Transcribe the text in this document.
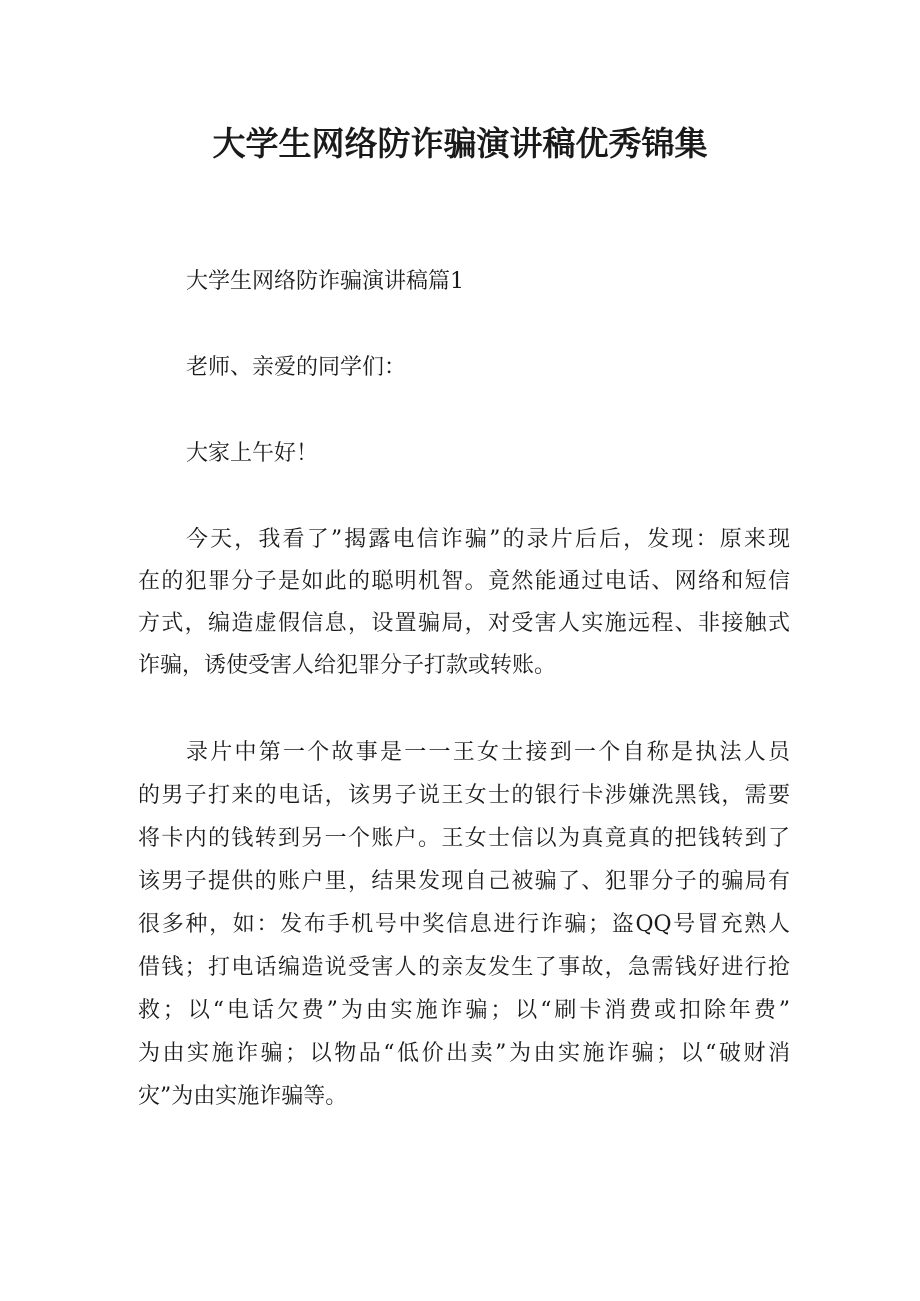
大学生网络防诈骗演讲稿优秀锦集
大学生网络防诈骗演讲稿篇1
老师、亲爱的同学们：
大家上午好！
今天，我看了”揭露电信诈骗”的录片后后，发现：原来现
在的犯罪分子是如此的聪明机智。竟然能通过电话、网络和短信
方式，编造虚假信息，设置骗局，对受害人实施远程、非接触式
诈骗，诱使受害人给犯罪分子打款或转账。
录片中第一个故事是一一王女士接到一个自称是执法人员
的男子打来的电话，该男子说王女士的银行卡涉嫌洗黑钱，需要
将卡内的钱转到另一个账户。王女士信以为真竟真的把钱转到了
该男子提供的账户里，结果发现自己被骗了、犯罪分子的骗局有
很多种，如：发布手机号中奖信息进行诈骗；盗QQ号冒充熟人
借钱；打电话编造说受害人的亲友发生了事故，急需钱好进行抢
救；以“电话欠费”为由实施诈骗；以“刷卡消费或扣除年费”
为由实施诈骗；以物品“低价出卖”为由实施诈骗；以“破财消
灾”为由实施诈骗等。
